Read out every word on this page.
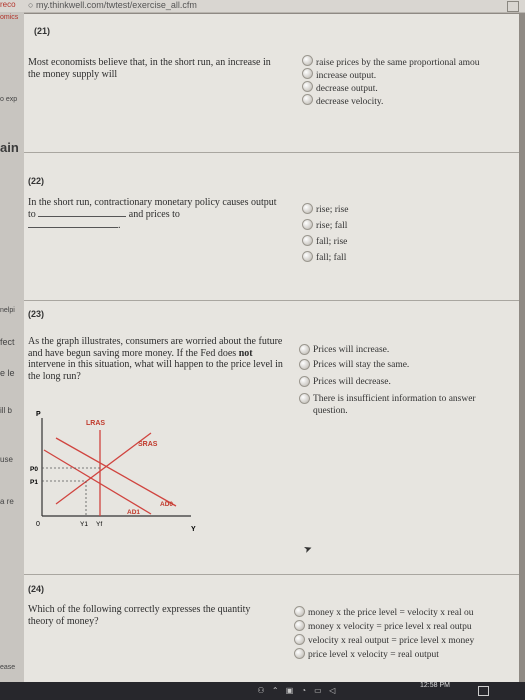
reco ○ my.thinkwell.com/twtest/exercise_all.cfm
omics
o exp
ain
nelpi
fect
e le
ill b
use
a re
ease
(21)
Most economists believe that, in the short run, an increase in the money supply will
raise prices by the same proportional amou
increase output.
decrease output.
decrease velocity.
(22)
In the short run, contractionary monetary policy causes output to	and prices to
.
rise; rise
rise; fall
fall; rise
fall; fall
(23)
As the graph illustrates, consumers are worried about the future and have begun saving more money. If the Fed does not intervene in this situation, what will happen to the price level in the long run?
Prices will increase.
Prices will stay the same.
Prices will decrease.
There is insufficient information to answer
question.
P
Y
0
LRAS
SRAS
AD0
AD1
P0
P1
Y1 Yf
➤
(24)
Which of the following correctly expresses the quantity theory of money?
money x the price level = velocity x real ou
money x velocity = price level x real outpu
velocity x real output = price level x money
price level x velocity = real output
⚇ ⌃ ▣ ◔ ▭ ◁
12:58 PM
